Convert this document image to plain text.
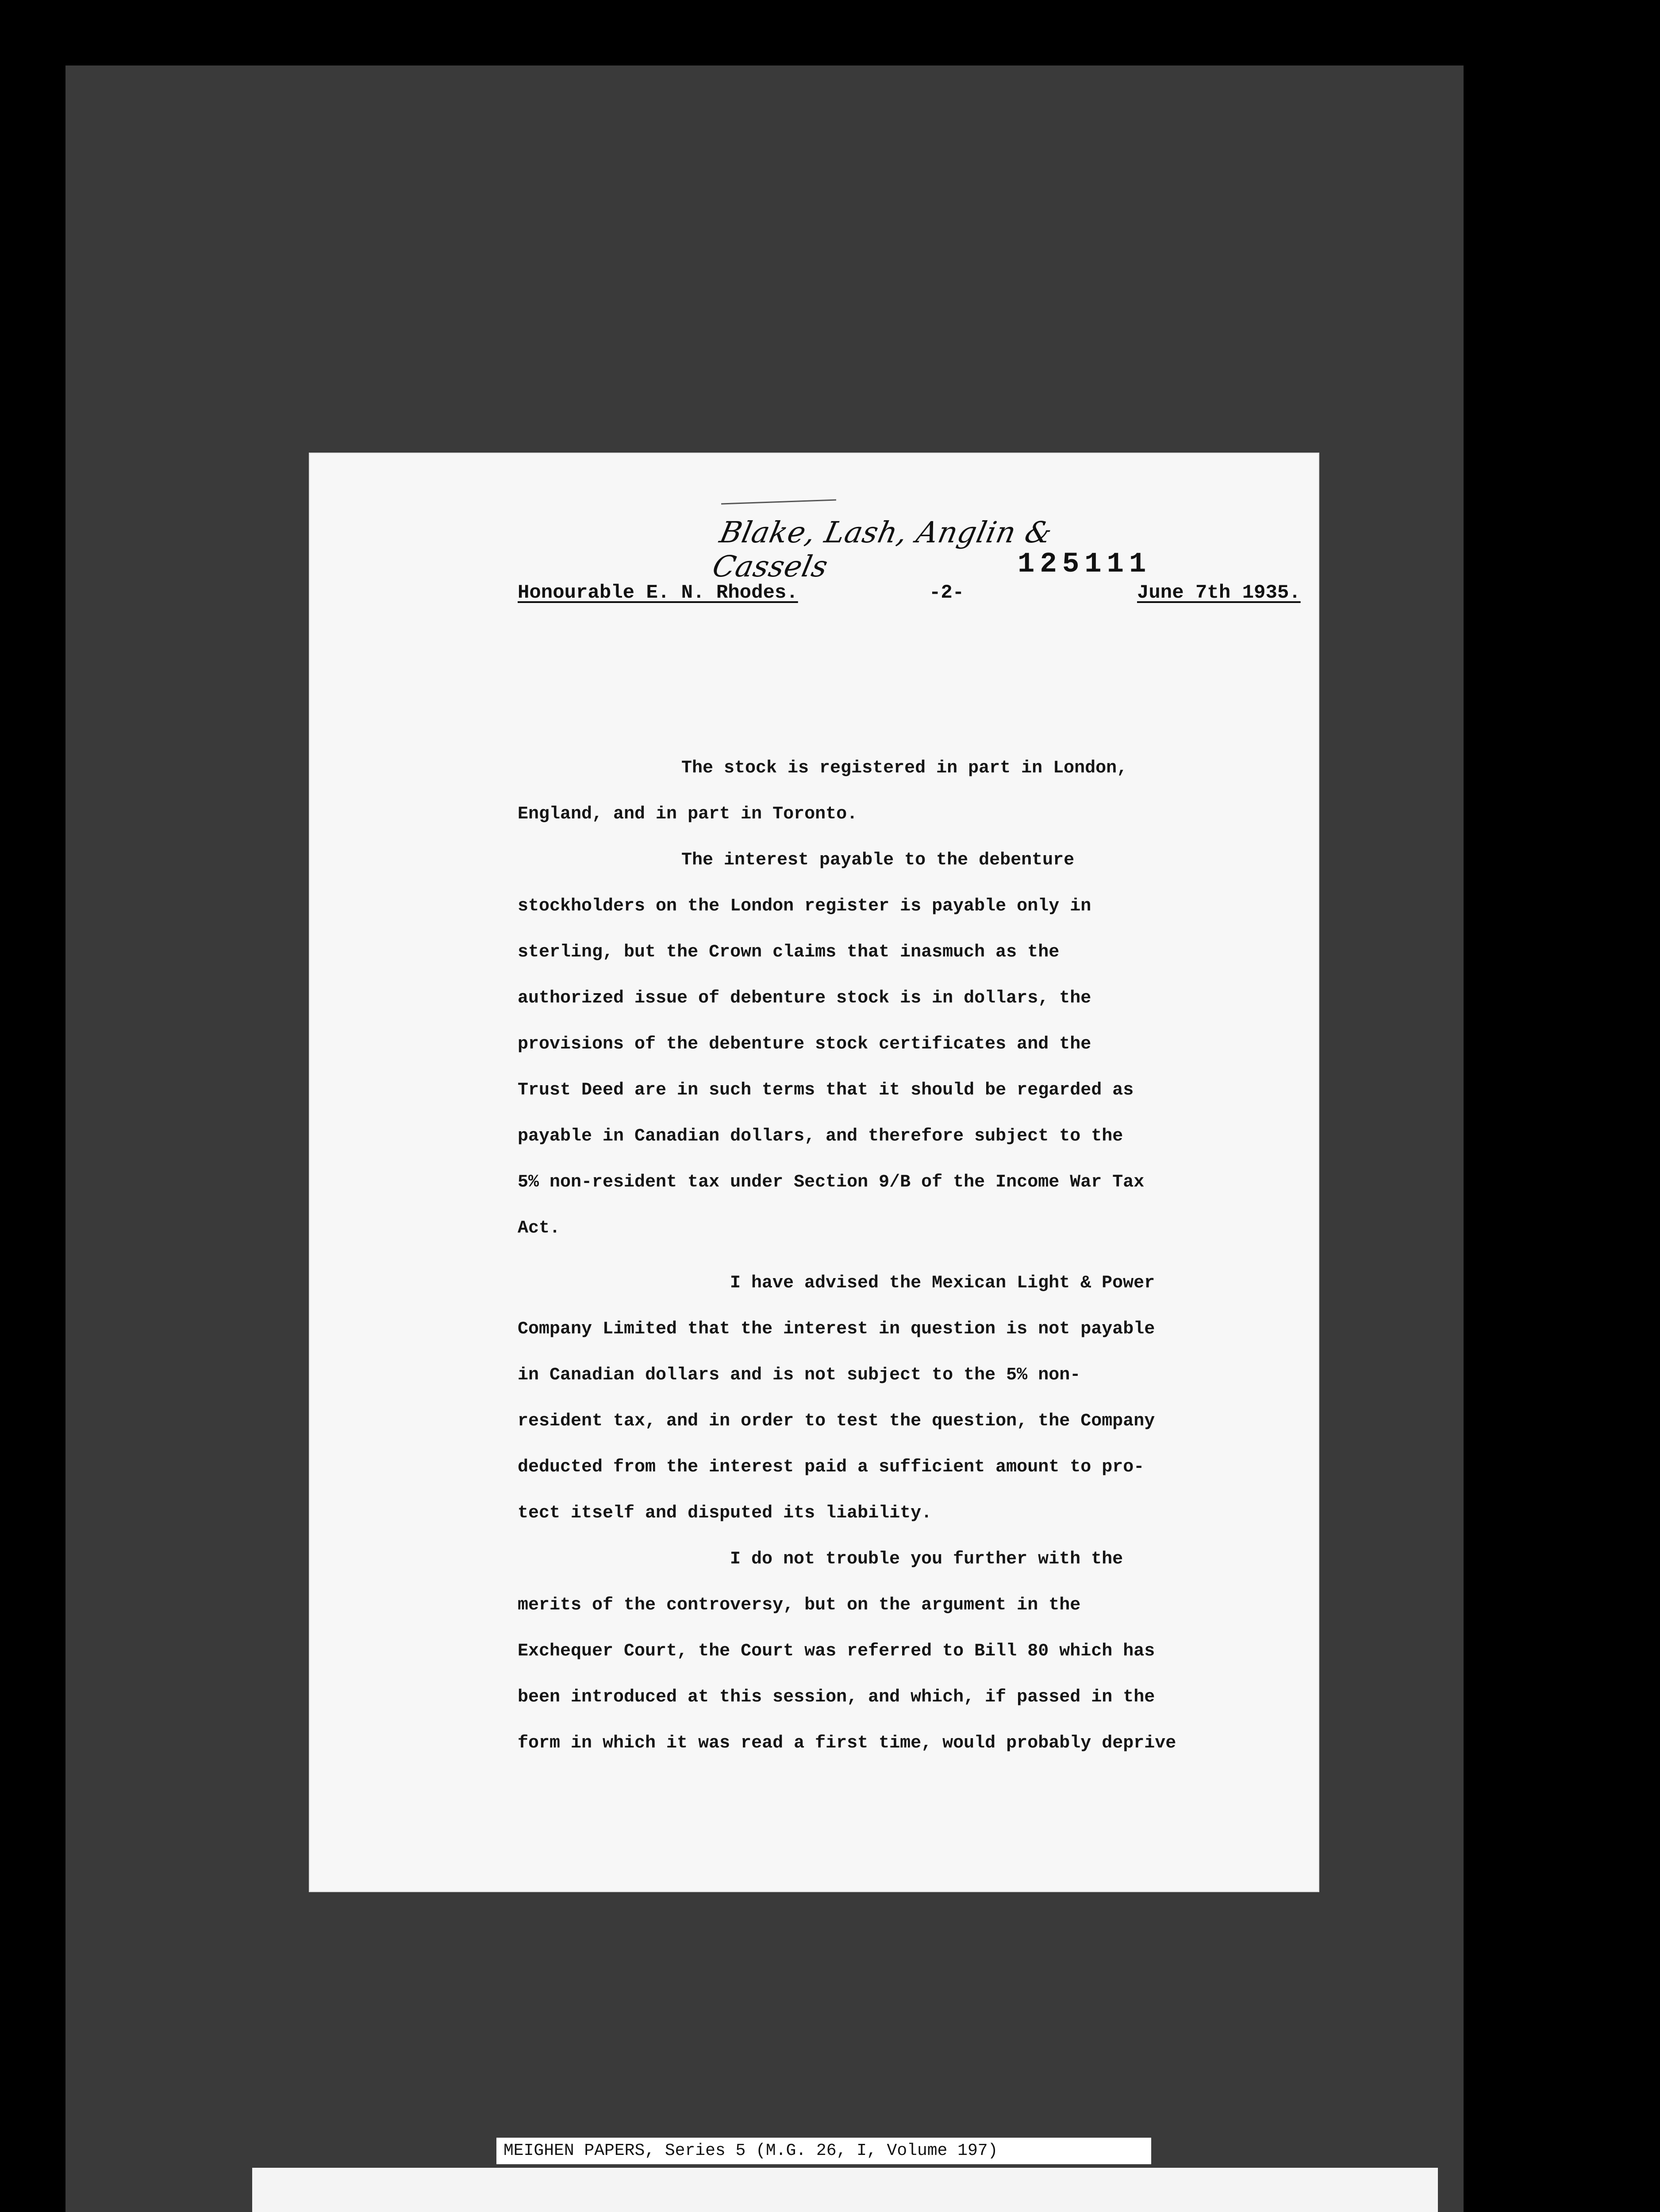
Blake, Lash, Anglin & Cassels	125111
Honourable E. N. Rhodes.	-2-	June 7th 1935.
The stock is registered in part in London,
England, and in part in Toronto.
The interest payable to the debenture
stockholders on the London register is payable only in
sterling, but the Crown claims that inasmuch as the
authorized issue of debenture stock is in dollars, the
provisions of the debenture stock certificates and the
Trust Deed are in such terms that it should be regarded as
payable in Canadian dollars, and therefore subject to the
5% non-resident tax under Section 9/B of the Income War Tax
Act.
I have advised the Mexican Light & Power
Company Limited that the interest in question is not payable
in Canadian dollars and is not subject to the 5% non-
resident tax, and in order to test the question, the Company
deducted from the interest paid a sufficient amount to pro-
tect itself and disputed its liability.
I do not trouble you further with the
merits of the controversy, but on the argument in the
Exchequer Court, the Court was referred to Bill 80 which has
been introduced at this session, and which, if passed in the
form in which it was read a first time, would probably deprive
MEIGHEN PAPERS, Series 5 (M.G. 26, I, Volume 197)
